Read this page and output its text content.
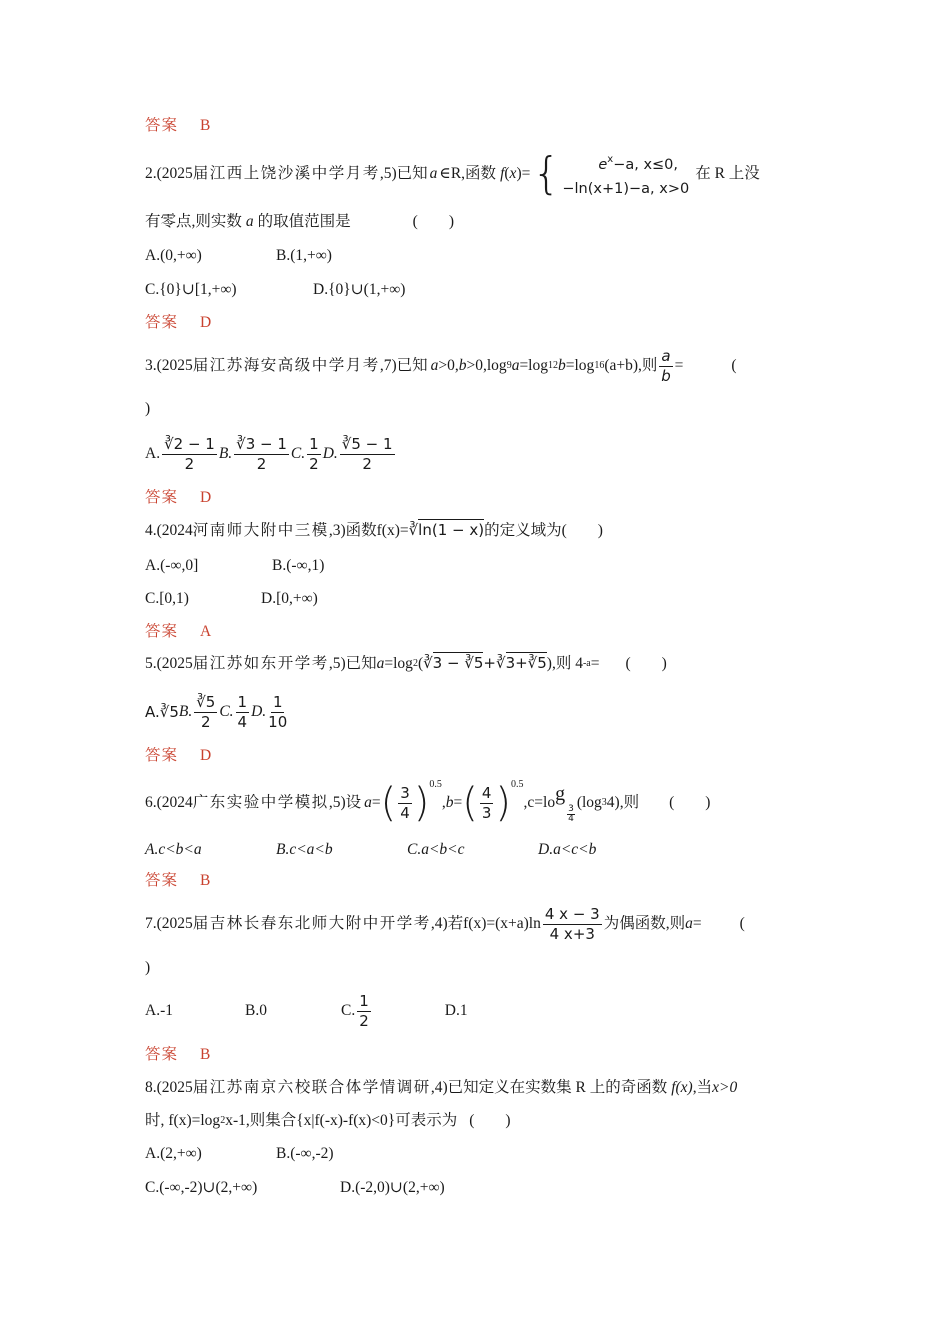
答案 B
2.(2025 届江西上饶沙溪中学月考 ,5) 已知 a ∈R,函数 f ( x ) = {	$e^x-a$, x≤0,
−ln(x+1)−a, x>0
在 R 上没
有零点,则实数 a 的取值范围是	(　　)
A.(0,+∞)	B.(1,+∞)
C.{0}∪[1,+∞)	D.{0}∪(1,+∞)
答案 D
3.(2025 届江苏海安高级中学月考 ,7) 已知 a >0, b >0,log 9 a =log 12 b =log 16 (a+b),则 $\frac{a}{b}$ =	(
)
A. $\frac{∛2 - 1}{2} B$. $\frac{∛3 - 1}{2} C$. $\frac{1}{2} D$. $\frac{∛5 - 1}{2}$
答案 D
4.(2024 河南师大附中三模 ,3) 函数 f(x)= ∛ln(1 − x) 的定义域为(　　)
A.(-∞,0]	B.(-∞,1)
C.[0,1)	D.[0,+∞)
答案 A
5.(2025 届江苏如东开学考 ,5) 已知 a =log 2 ( ∛3 − ∛5 + ∛3+∛5 ),则 4 -a = (　　)
A.∛5 B. $\frac{∛5}{2} C$. $\frac{1}{4} D$. $\frac{1}{10}$
答案 D
6.(2024 广东实验中学模拟 ,5) 设 a = ( $\frac{3}{4} )^{0.5}$
, b = ( $\frac{4}{3} )^{0.5}$
,c=lo g
$\frac{3}{4}$
(log 3 4),则 (　　)
A.c<b<a	B.c<a<b	C.a<b<c	D.a<c<b
答案 B
7.(2025 届吉林长春东北师大附中开学考 ,4) 若 $f(x)=(x+a)\ln \frac{4 x - 3}{4 x+3}$ 为偶函数,则 a = (
)
A.-1	B.0	C. $\frac{1}{2}$	D.1
答案 B
8.(2025 届江苏南京六校联合体学情调研 ,4) 已知定义在实数集 R 上的奇函数 f(x) ,当 x>0
时, f(x)=log 2 x-1,则集合{x|f(-x)-f(x)<0}可表示为 (　　)
A.(2,+∞)	B.(-∞,-2)
C.(-∞,-2)∪(2,+∞)	D.(-2,0)∪(2,+∞)
